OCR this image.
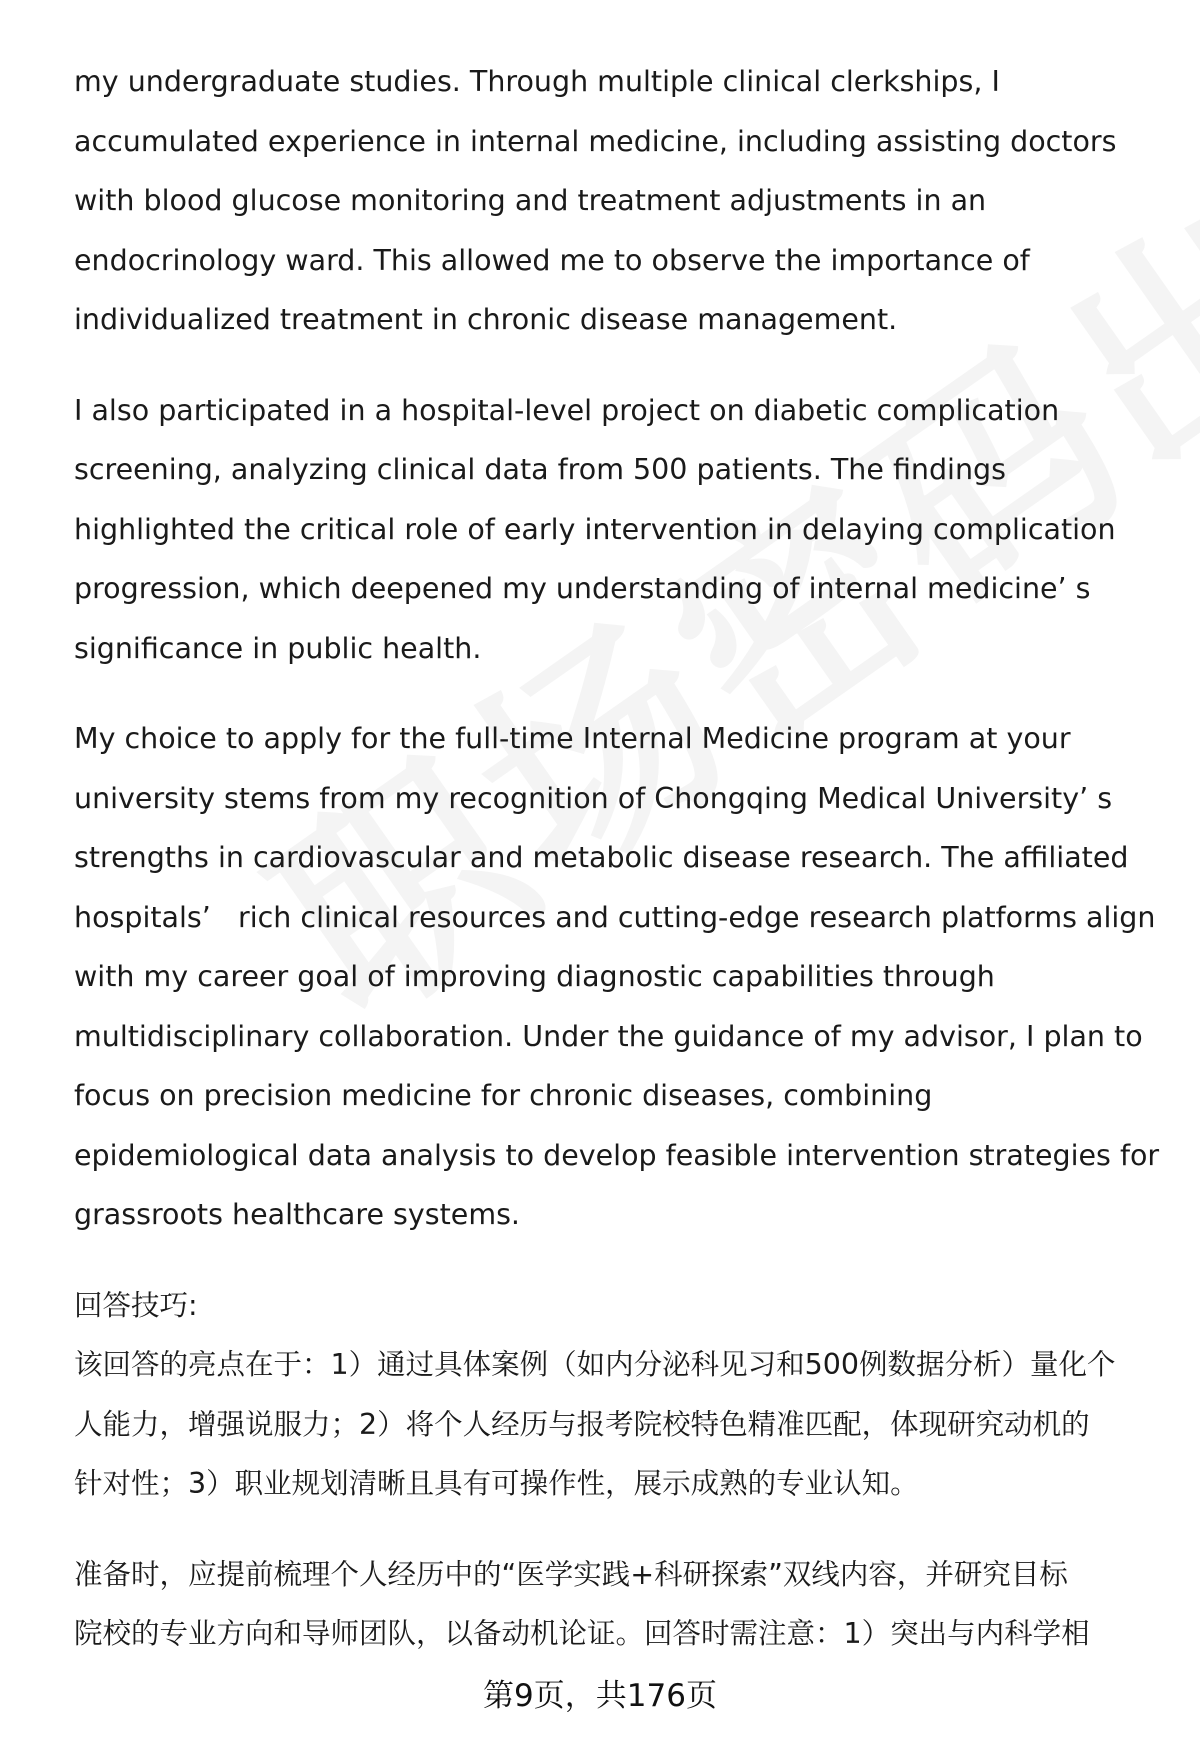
my undergraduate studies. Through multiple clinical clerkships, I
accumulated experience in internal medicine, including assisting doctors
with blood glucose monitoring and treatment adjustments in an
endocrinology ward. This allowed me to observe the importance of
individualized treatment in chronic disease management.
I also participated in a hospital-level project on diabetic complication
screening, analyzing clinical data from 500 patients. The findings
highlighted the critical role of early intervention in delaying complication
progression, which deepened my understanding of internal medicine’ s
significance in public health.
My choice to apply for the full-time Internal Medicine program at your
university stems from my recognition of Chongqing Medical University’ s
strengths in cardiovascular and metabolic disease research. The affiliated
hospitals’   rich clinical resources and cutting-edge research platforms align
with my career goal of improving diagnostic capabilities through
multidisciplinary collaboration. Under the guidance of my advisor, I plan to
focus on precision medicine for chronic diseases, combining
epidemiological data analysis to develop feasible intervention strategies for
grassroots healthcare systems.
回答技巧:
该回答的亮点在于：1）通过具体案例（如内分泌科见习和500例数据分析）量化个
人能力，增强说服力；2）将个人经历与报考院校特色精准匹配，体现研究动机的
针对性；3）职业规划清晰且具有可操作性，展示成熟的专业认知。
准备时，应提前梳理个人经历中的“医学实践+科研探索”双线内容，并研究目标
院校的专业方向和导师团队，以备动机论证。回答时需注意：1）突出与内科学相
第9页，共176页
